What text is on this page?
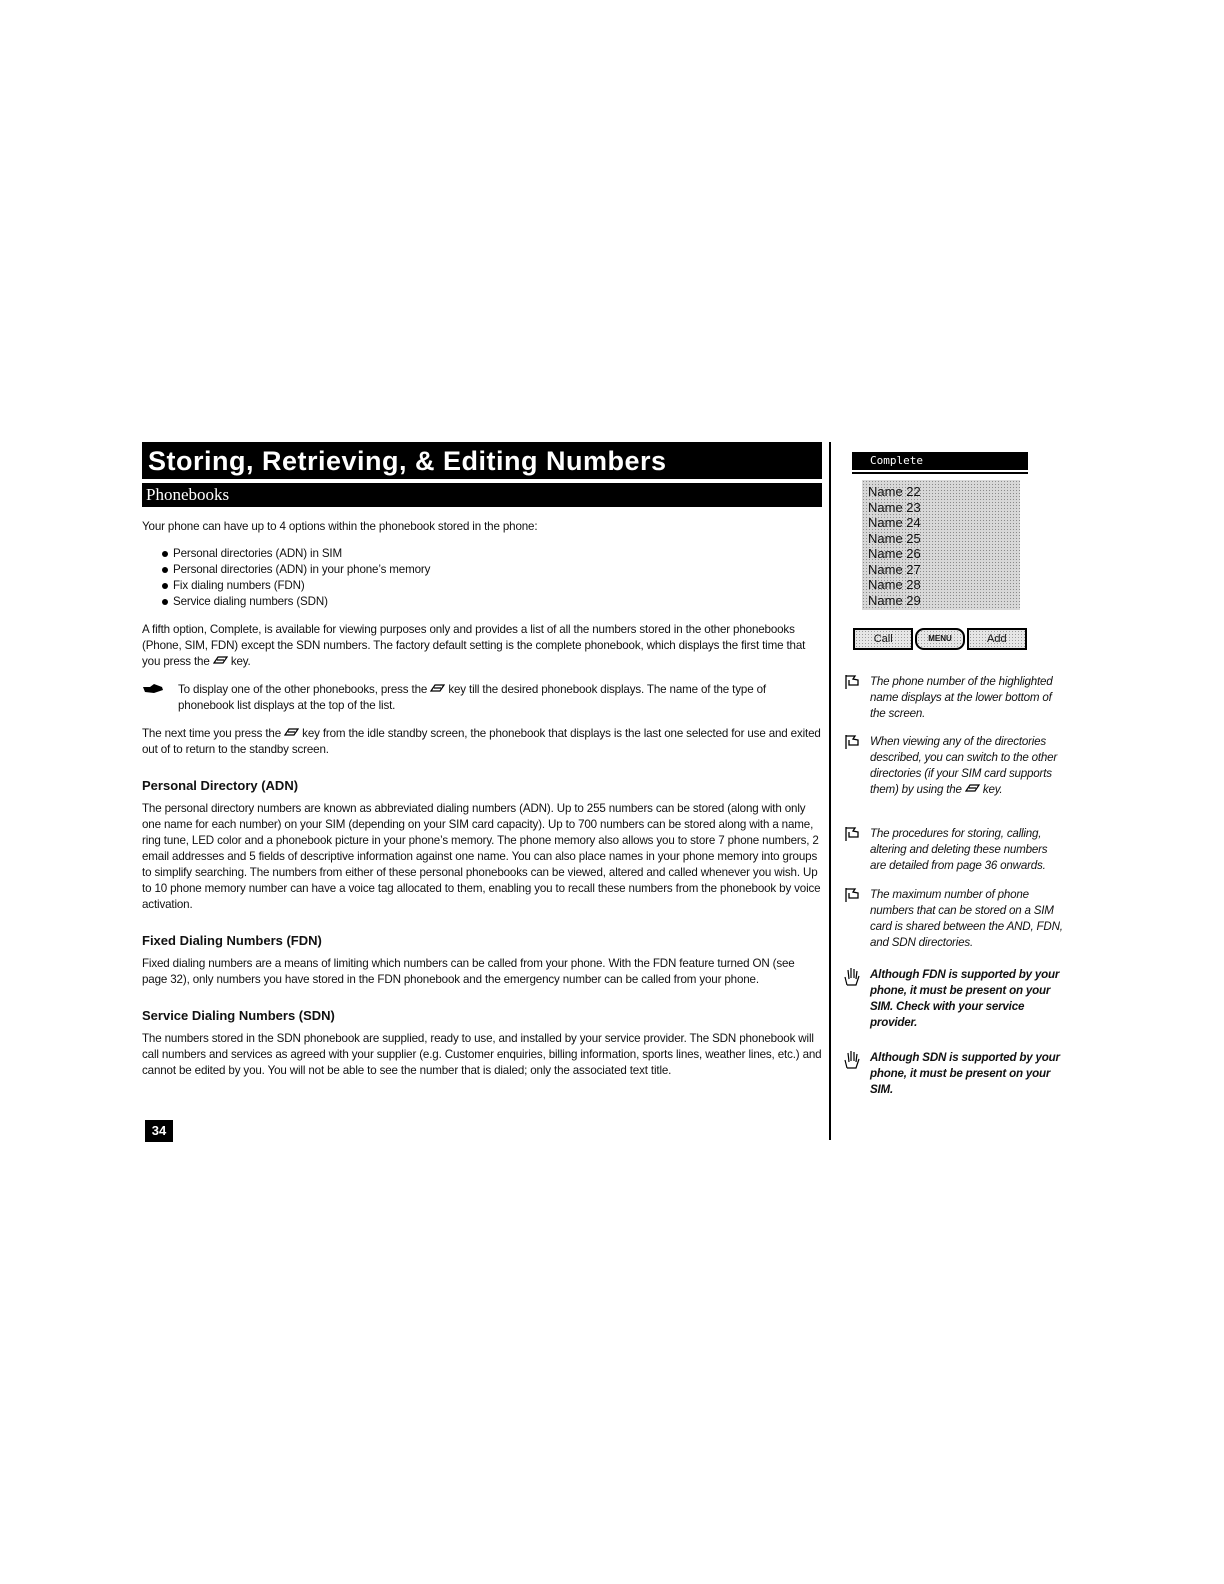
Storing, Retrieving, & Editing Numbers
Phonebooks

Your phone can have up to 4 options within the phonebook stored in the phone:

Personal directories (ADN) in SIM
Personal directories (ADN) in your phone’s memory
Fix dialing numbers (FDN)
Service dialing numbers (SDN)

A fifth option, Complete, is available for viewing purposes only and provides a list of all the numbers stored in the other phonebooks (Phone, SIM, FDN) except the SDN numbers. The factory default setting is the complete phonebook, which displays the first time that you press the key.

To display one of the other phonebooks, press the key till the desired phonebook displays. The name of the type of phonebook list displays at the top of the list.

The next time you press the key from the idle standby screen, the phonebook that displays is the last one selected for use and exited out of to return to the standby screen.

Personal Directory (ADN)

The personal directory numbers are known as abbreviated dialing numbers (ADN). Up to 255 numbers can be stored (along with only one name for each number) on your SIM (depending on your SIM card capacity). Up to 700 numbers can be stored along with a name, ring tune, LED color and a phonebook picture in your phone’s memory. The phone memory also allows you to store 7 phone numbers, 2 email addresses and 5 fields of descriptive information against one name. You can also place names in your phone memory into groups to simplify searching. The numbers from either of these personal phonebooks can be viewed, altered and called whenever you wish. Up to 10 phone memory number can have a voice tag allocated to them, enabling you to recall these numbers from the phonebook by voice activation.

Fixed Dialing Numbers (FDN)

Fixed dialing numbers are a means of limiting which numbers can be called from your phone. With the FDN feature turned ON (see page 32), only numbers you have stored in the FDN phonebook and the emergency number can be called from your phone.

Service Dialing Numbers (SDN)

The numbers stored in the SDN phonebook are supplied, ready to use, and installed by your service provider. The SDN phonebook will call numbers and services as agreed with your supplier (e.g. Customer enquiries, billing information, sports lines, weather lines, etc.) and cannot be edited by you. You will not be able to see the number that is dialed; only the associated text title.

34
Complete
Name 22
Name 23
Name 24
Name 25
Name 26
Name 27
Name 28
Name 29
Call	MENU	Add
The phone number of the highlighted name displays at the lower bottom of the screen.
When viewing any of the directories described, you can switch to the other directories (if your SIM card supports them) by using the key.
The procedures for storing, calling, altering and deleting these numbers are detailed from page 36 onwards.
The maximum number of phone numbers that can be stored on a SIM card is shared between the AND, FDN, and SDN directories.
Although FDN is supported by your phone, it must be present on your SIM. Check with your service provider.
Although SDN is supported by your phone, it must be present on your SIM.
